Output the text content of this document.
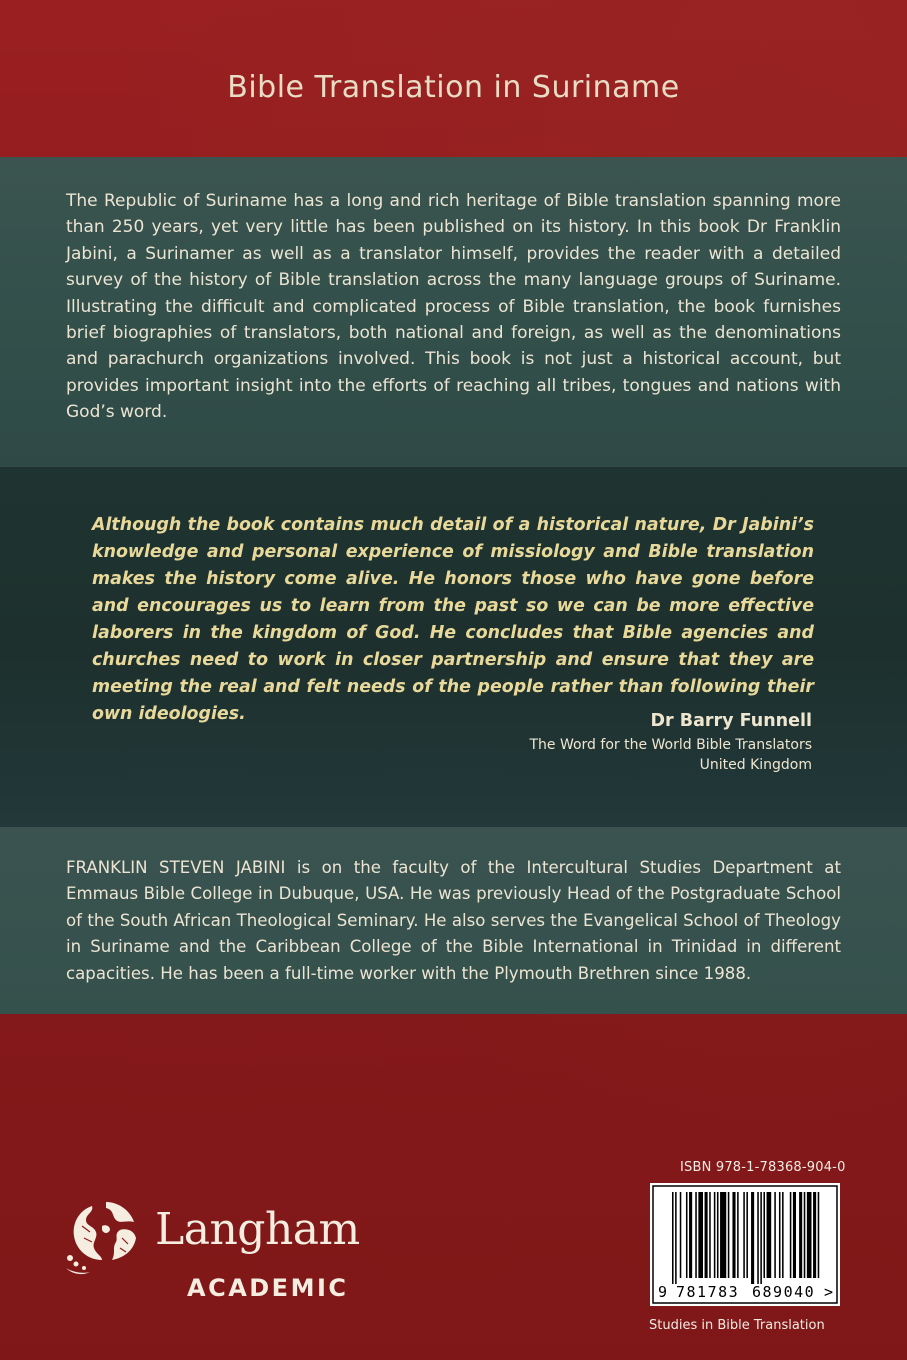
Bible Translation in Suriname

The Republic of Suriname has a long and rich heritage of Bible translation spanning more than 250 years, yet very little has been published on its history. In this book Dr Franklin Jabini, a Surinamer as well as a translator himself, provides the reader with a detailed survey of the history of Bible translation across the many language groups of Suriname. Illustrating the difficult and complicated process of Bible translation, the book furnishes brief biographies of translators, both national and foreign, as well as the denominations and parachurch organizations involved. This book is not just a historical account, but provides important insight into the efforts of reaching all tribes, tongues and nations with God’s word.

Although the book contains much detail of a historical nature, Dr Jabini’s knowledge and personal experience of missiology and Bible translation makes the history come alive. He honors those who have gone before and encourages us to learn from the past so we can be more effective laborers in the kingdom of God. He concludes that Bible agencies and churches need to work in closer partnership and ensure that they are meeting the real and felt needs of the people rather than following their own ideologies.	Dr Barry Funnell
The Word for the World Bible Translators
United Kingdom

FRANKLIN STEVEN JABINI is on the faculty of the Intercultural Studies Department at Emmaus Bible College in Dubuque, USA. He was previously Head of the Postgraduate School of the South African Theological Seminary. He also serves the Evangelical School of Theology in Suriname and the Caribbean College of the Bible International in Trinidad in different capacities. He has been a full-time worker with the Plymouth Brethren since 1988.

Langham
ACADEMIC
ISBN 978-1-78368-904-0
9 781783 689040 >
Studies in Bible Translation
